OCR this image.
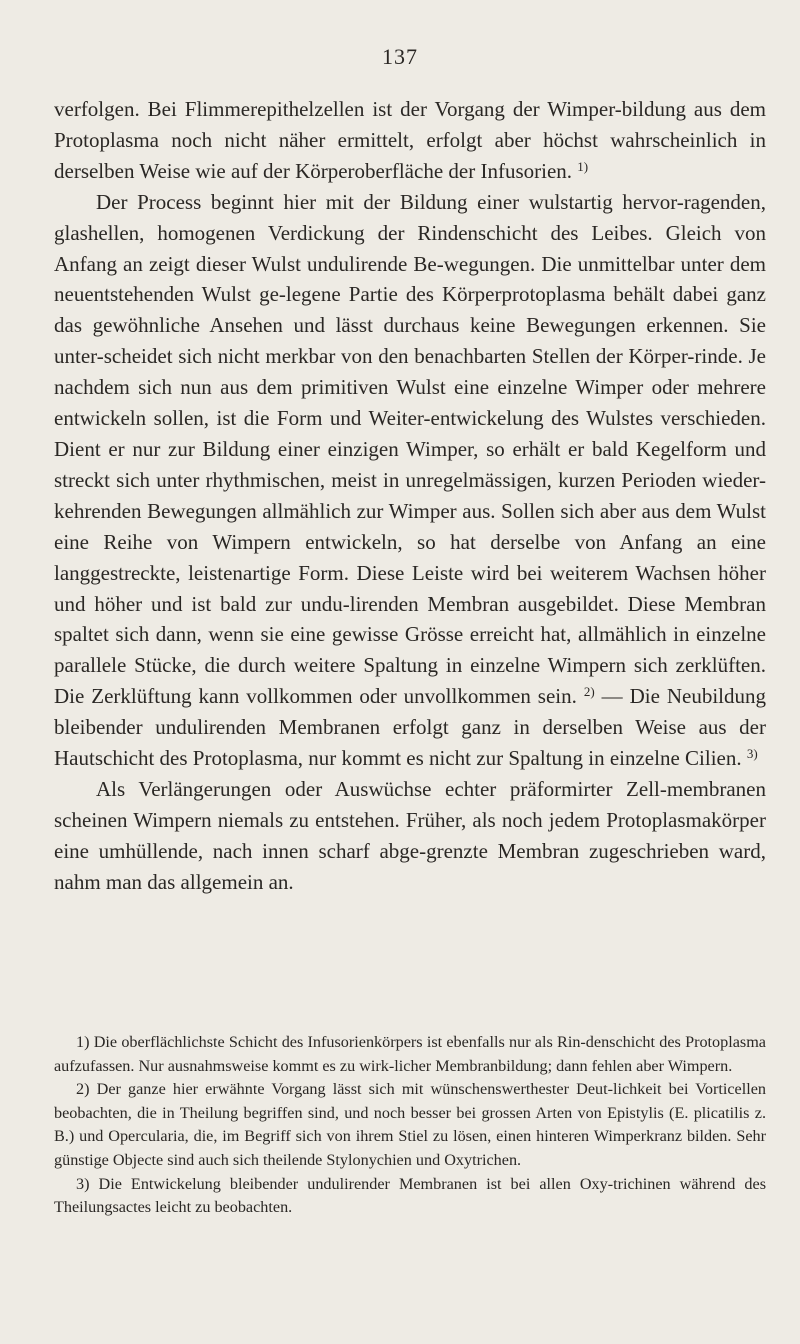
137

verfolgen. Bei Flimmerepithelzellen ist der Vorgang der Wimper-bildung aus dem Protoplasma noch nicht näher ermittelt, erfolgt aber höchst wahrscheinlich in derselben Weise wie auf der Körperoberfläche der Infusorien. $^{1)}$

Der Process beginnt hier mit der Bildung einer wulstartig hervor-ragenden, glashellen, homogenen Verdickung der Rindenschicht des Leibes. Gleich von Anfang an zeigt dieser Wulst undulirende Be-wegungen. Die unmittelbar unter dem neuentstehenden Wulst ge-legene Partie des Körperprotoplasma behält dabei ganz das gewöhnliche Ansehen und lässt durchaus keine Bewegungen erkennen. Sie unter-scheidet sich nicht merkbar von den benachbarten Stellen der Körper-rinde. Je nachdem sich nun aus dem primitiven Wulst eine einzelne Wimper oder mehrere entwickeln sollen, ist die Form und Weiter-entwickelung des Wulstes verschieden. Dient er nur zur Bildung einer einzigen Wimper, so erhält er bald Kegelform und streckt sich unter rhythmischen, meist in unregelmässigen, kurzen Perioden wieder-kehrenden Bewegungen allmählich zur Wimper aus. Sollen sich aber aus dem Wulst eine Reihe von Wimpern entwickeln, so hat derselbe von Anfang an eine langgestreckte, leistenartige Form. Diese Leiste wird bei weiterem Wachsen höher und höher und ist bald zur undu-lirenden Membran ausgebildet. Diese Membran spaltet sich dann, wenn sie eine gewisse Grösse erreicht hat, allmählich in einzelne parallele Stücke, die durch weitere Spaltung in einzelne Wimpern sich zerklüften. Die Zerklüftung kann vollkommen oder unvollkommen sein. $^{2)}$ — Die Neubildung bleibender undulirenden Membranen erfolgt ganz in derselben Weise aus der Hautschicht des Protoplasma, nur kommt es nicht zur Spaltung in einzelne Cilien. $^{3)}$

Als Verlängerungen oder Auswüchse echter präformirter Zell-membranen scheinen Wimpern niemals zu entstehen. Früher, als noch jedem Protoplasmakörper eine umhüllende, nach innen scharf abge-grenzte Membran zugeschrieben ward, nahm man das allgemein an.

1) Die oberflächlichste Schicht des Infusorienkörpers ist ebenfalls nur als Rin-denschicht des Protoplasma aufzufassen. Nur ausnahmsweise kommt es zu wirk-licher Membranbildung; dann fehlen aber Wimpern.

2) Der ganze hier erwähnte Vorgang lässt sich mit wünschenswerthester Deut-lichkeit bei Vorticellen beobachten, die in Theilung begriffen sind, und noch besser bei grossen Arten von Epistylis (E. plicatilis z. B.) und Opercularia, die, im Begriff sich von ihrem Stiel zu lösen, einen hinteren Wimperkranz bilden. Sehr günstige Objecte sind auch sich theilende Stylonychien und Oxytrichen.

3) Die Entwickelung bleibender undulirender Membranen ist bei allen Oxy-trichinen während des Theilungsactes leicht zu beobachten.
